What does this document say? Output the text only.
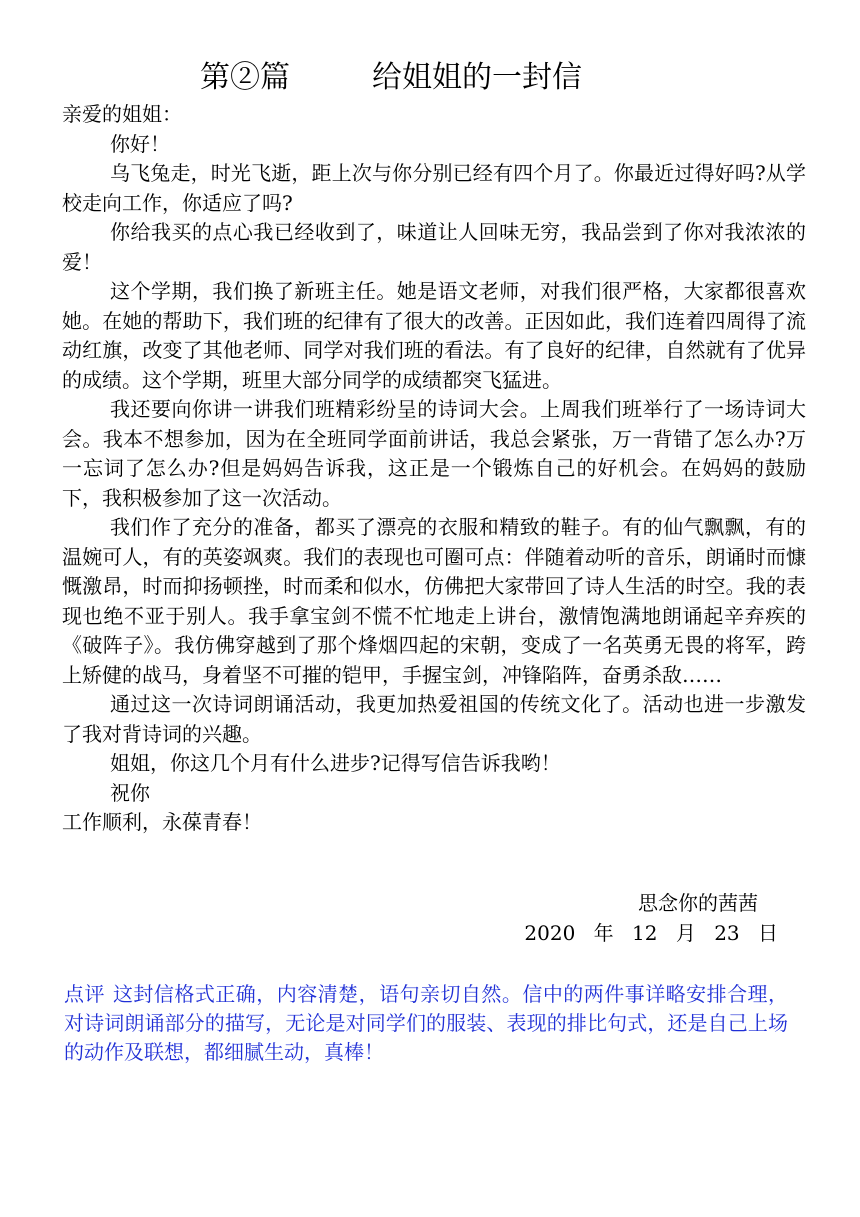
第②篇	给姐姐的一封信

亲爱的姐姐：

你好！

乌飞兔走，时光飞逝，距上次与你分别已经有四个月了。你最近过得好吗?从学校走向工作，你适应了吗?

你给我买的点心我已经收到了，味道让人回味无穷，我品尝到了你对我浓浓的爱！

这个学期，我们换了新班主任。她是语文老师，对我们很严格，大家都很喜欢她。在她的帮助下，我们班的纪律有了很大的改善。正因如此，我们连着四周得了流动红旗，改变了其他老师、同学对我们班的看法。有了良好的纪律，自然就有了优异的成绩。这个学期，班里大部分同学的成绩都突飞猛进。

我还要向你讲一讲我们班精彩纷呈的诗词大会。上周我们班举行了一场诗词大会。我本不想参加，因为在全班同学面前讲话，我总会紧张，万一背错了怎么办?万一忘词了怎么办?但是妈妈告诉我，这正是一个锻炼自己的好机会。在妈妈的鼓励下，我积极参加了这一次活动。

我们作了充分的准备，都买了漂亮的衣服和精致的鞋子。有的仙气飘飘，有的温婉可人，有的英姿飒爽。我们的表现也可圈可点：伴随着动听的音乐，朗诵时而慷慨激昂，时而抑扬顿挫，时而柔和似水，仿佛把大家带回了诗人生活的时空。我的表现也绝不亚于别人。我手拿宝剑不慌不忙地走上讲台，激情饱满地朗诵起辛弃疾的《破阵子》。我仿佛穿越到了那个烽烟四起的宋朝，变成了一名英勇无畏的将军，跨上矫健的战马，身着坚不可摧的铠甲，手握宝剑，冲锋陷阵，奋勇杀敌……

通过这一次诗词朗诵活动，我更加热爱祖国的传统文化了。活动也进一步激发了我对背诗词的兴趣。

姐姐，你这几个月有什么进步?记得写信告诉我哟！

祝你

工作顺利，永葆青春！

思念你的茜茜
2020 年 12 月 23 日
点评 这封信格式正确，内容清楚，语句亲切自然。信中的两件事详略安排合理，对诗词朗诵部分的描写，无论是对同学们的服装、表现的排比句式，还是自己上场的动作及联想，都细腻生动，真棒！
